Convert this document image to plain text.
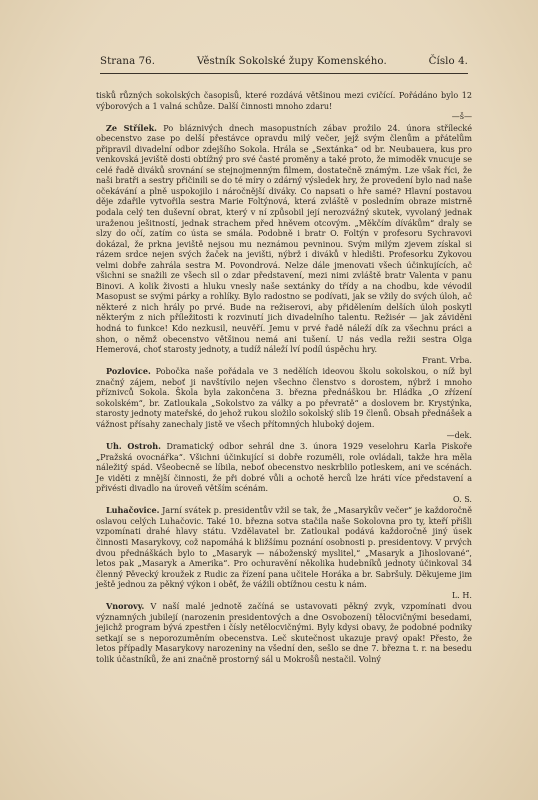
Strana 76.	Věstník Sokolské župy Komenského.	Číslo 4.

tisků různých sokolských časopisů, které rozdává většinou mezi cvičící. Pořádáno bylo 12 výborových a 1 valná schůze. Další činnosti mnoho zdaru!

—š—

Ze Střílek. Po bláznivých dnech masopustních zábav prožilo 24. února střílecké obecenstvo zase po delší přestávce opravdu milý večer, jejž svým členům a přátelům připravil divadelní odbor zdejšího Sokola. Hrála se „Sextánka“ od br. Neubauera, kus pro venkovská jeviště dosti obtížný pro své časté proměny a také proto, že mimoděk vnucuje se celé řadě diváků srovnání se stejnojmenným filmem, dostatečně známým. Lze však říci, že naši bratři a sestry přičinili se do té míry o zdárný výsledek hry, že provedení bylo nad naše očekávání a plně uspokojilo i náročnější diváky. Co napsati o hře samé? Hlavní postavou děje zdařile vytvořila sestra Marie Foltýnová, která zvláště v posledním obraze mistrně podala celý ten duševní obrat, který v ní způsobil její nerozvážný skutek, vyvolaný jednak uraženou ješitností, jednak strachem před hněvem otcovým. „Měkčím dívákům“ draly se slzy do očí, zatím co ústa se smála. Podobně i bratr O. Foltýn v profesoru Sychravovi dokázal, že prkna jeviště nejsou mu neznámou pevninou. Svým milým zjevem získal si rázem srdce nejen svých žaček na jevišti, nýbrž i diváků v hledišti. Profesorku Zykovou velmi dobře zahrála sestra M. Povondrová. Nelze dále jmenovati všech účinkujících, ač všichni se snažili ze všech sil o zdar představení, mezi nimi zvláště bratr Valenta v panu Binovi. A kolik živosti a hluku vnesly naše sextánky do třídy a na chodbu, kde vévodil Masopust se svými párky a rohlíky. Bylo radostno se podívati, jak se vžily do svých úloh, ač některé z nich hrály po prvé. Bude na režiserovi, aby přidělením delších úloh poskytl některým z nich příležitosti k rozvinutí jich divadelního talentu. Režisér — jak záviděni hodná to funkce! Kdo nezkusil, neuvěří. Jemu v prvé řadě náleží dík za všechnu práci a shon, o němž obecenstvo většinou nemá ani tušení. U nás vedla režii sestra Olga Hemerová, choť starosty jednoty, a tudíž náleží lví podíl úspěchu hry.

Frant. Vrba.

Pozlovice. Pobočka naše pořádala ve 3 nedělích ideovou školu sokolskou, o níž byl značný zájem, neboť ji navštívilo nejen všechno členstvo s dorostem, nýbrž i mnoho příznivců Sokola. Škola byla zakončena 3. března přednáškou br. Hládka „O zřízení sokolském“, br. Zatloukala „Sokolstvo za války a po převratě“ a doslovem br. Krystýnka, starosty jednoty mateřské, do jehož rukou složilo sokolský slib 19 členů. Obsah přednášek a vážnost přísahy zanechaly jistě ve všech přítomných hluboký dojem.

—dek.

Uh. Ostroh. Dramatický odbor sehrál dne 3. února 1929 veselohru Karla Piskoře „Pražská ovocnářka“. Všichni účinkující si dobře rozuměli, role ovládali, takže hra měla náležitý spád. Všeobecně se líbila, neboť obecenstvo neskrblilo potleskem, ani ve scénách. Je viděti z mnější činnosti, že při dobré vůli a ochotě herců lze hráti více představení a přivésti divadlo na úroveň větším scénám.

O. S.

Luhačovice. Jarní svátek p. presidentův vžil se tak, že „Masarykův večer“ je každoročně oslavou celých Luhačovic. Také 10. března sotva stačila naše Sokolovna pro ty, kteří přišli vzpomínati drahé hlavy státu. Vzdělavatel br. Zatloukal podává každoročně jiný úsek činnosti Masarykovy, což napomáhá k bližšímu poznání osobnosti p. presidentovy. V prvých dvou přednáškách bylo to „Masaryk — náboženský myslitel,“ „Masaryk a Jihoslované“, letos pak „Masaryk a Amerika“. Pro ochuravění několika hudebníků jednoty účinkoval 34 členný Pěvecký kroužek z Rudic za řízení pana učitele Horáka a br. Sabršuly. Děkujeme jim ještě jednou za pěkný výkon i oběť, že vážili obtížnou cestu k nám.

L. H.

Vnorovy. V naší malé jednotě začíná se ustavovati pěkný zvyk, vzpomínati dvou významných jubilejí (narozenin presidentových a dne Osvobození) tělocvičnými besedami, jejichž program bývá zpestřen i čísly netělocvičnými. Byly kdysi obavy, že podobné podniky setkají se s neporozuměním obecenstva. Leč skutečnost ukazuje pravý opak! Přesto, že letos případly Masarykovy narozeniny na všední den, sešlo se dne 7. března t. r. na besedu tolik účastníků, že ani značně prostorný sál u Mokrošů nestačil. Volný
